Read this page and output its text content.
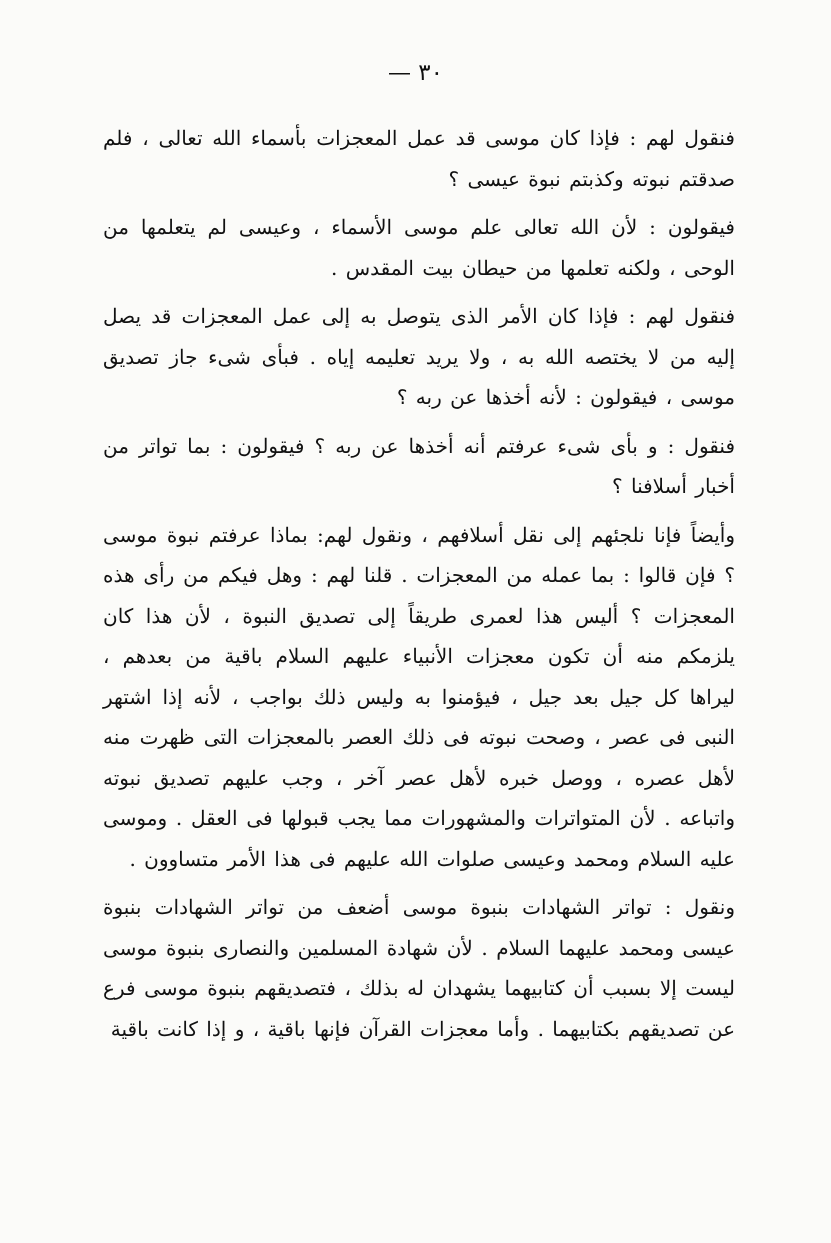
— ٣٠

فنقول لهم : فإذا كان موسى قد عمل المعجزات بأسماء الله تعالى ، فلم صدقتم نبوته وكذبتم نبوة عيسى ؟

فيقولون : لأن الله تعالى علم موسى الأسماء ، وعيسى لم يتعلمها من الوحى ، ولكنه تعلمها من حيطان بيت المقدس .

فنقول لهم : فإذا كان الأمر الذى يتوصل به إلى عمل المعجزات قد يصل إليه من لا يختصه الله به ، ولا يريد تعليمه إياه . فبأى شىء جاز تصديق موسى ، فيقولون : لأنه أخذها عن ربه ؟

فنقول : و بأى شىء عرفتم أنه أخذها عن ربه ؟ فيقولون : بما تواتر من أخبار أسلافنا ؟

وأيضاً فإنا نلجئهم إلى نقل أسلافهم ، ونقول لهم: بماذا عرفتم نبوة موسى ؟ فإن قالوا : بما عمله من المعجزات . قلنا لهم : وهل فيكم من رأى هذه المعجزات ؟ أليس هذا لعمرى طريقاً إلى تصديق النبوة ، لأن هذا كان يلزمكم منه أن تكون معجزات الأنبياء عليهم السلام باقية من بعدهم ، ليراها كل جيل بعد جيل ، فيؤمنوا به وليس ذلك بواجب ، لأنه إذا اشتهر النبى فى عصر ، وصحت نبوته فى ذلك العصر بالمعجزات التى ظهرت منه لأهل عصره ، ووصل خبره لأهل عصر آخر ، وجب عليهم تصديق نبوته واتباعه . لأن المتواترات والمشهورات مما يجب قبولها فى العقل . وموسى عليه السلام ومحمد وعيسى صلوات الله عليهم فى هذا الأمر متساوون .

ونقول : تواتر الشهادات بنبوة موسى أضعف من تواتر الشهادات بنبوة عيسى ومحمد عليهما السلام . لأن شهادة المسلمين والنصارى بنبوة موسى ليست إلا بسبب أن كتابيهما يشهدان له بذلك ، فتصديقهم بنبوة موسى فرع عن تصديقهم بكتابيهما . وأما معجزات القرآن فإنها باقية ، و إذا كانت باقية
